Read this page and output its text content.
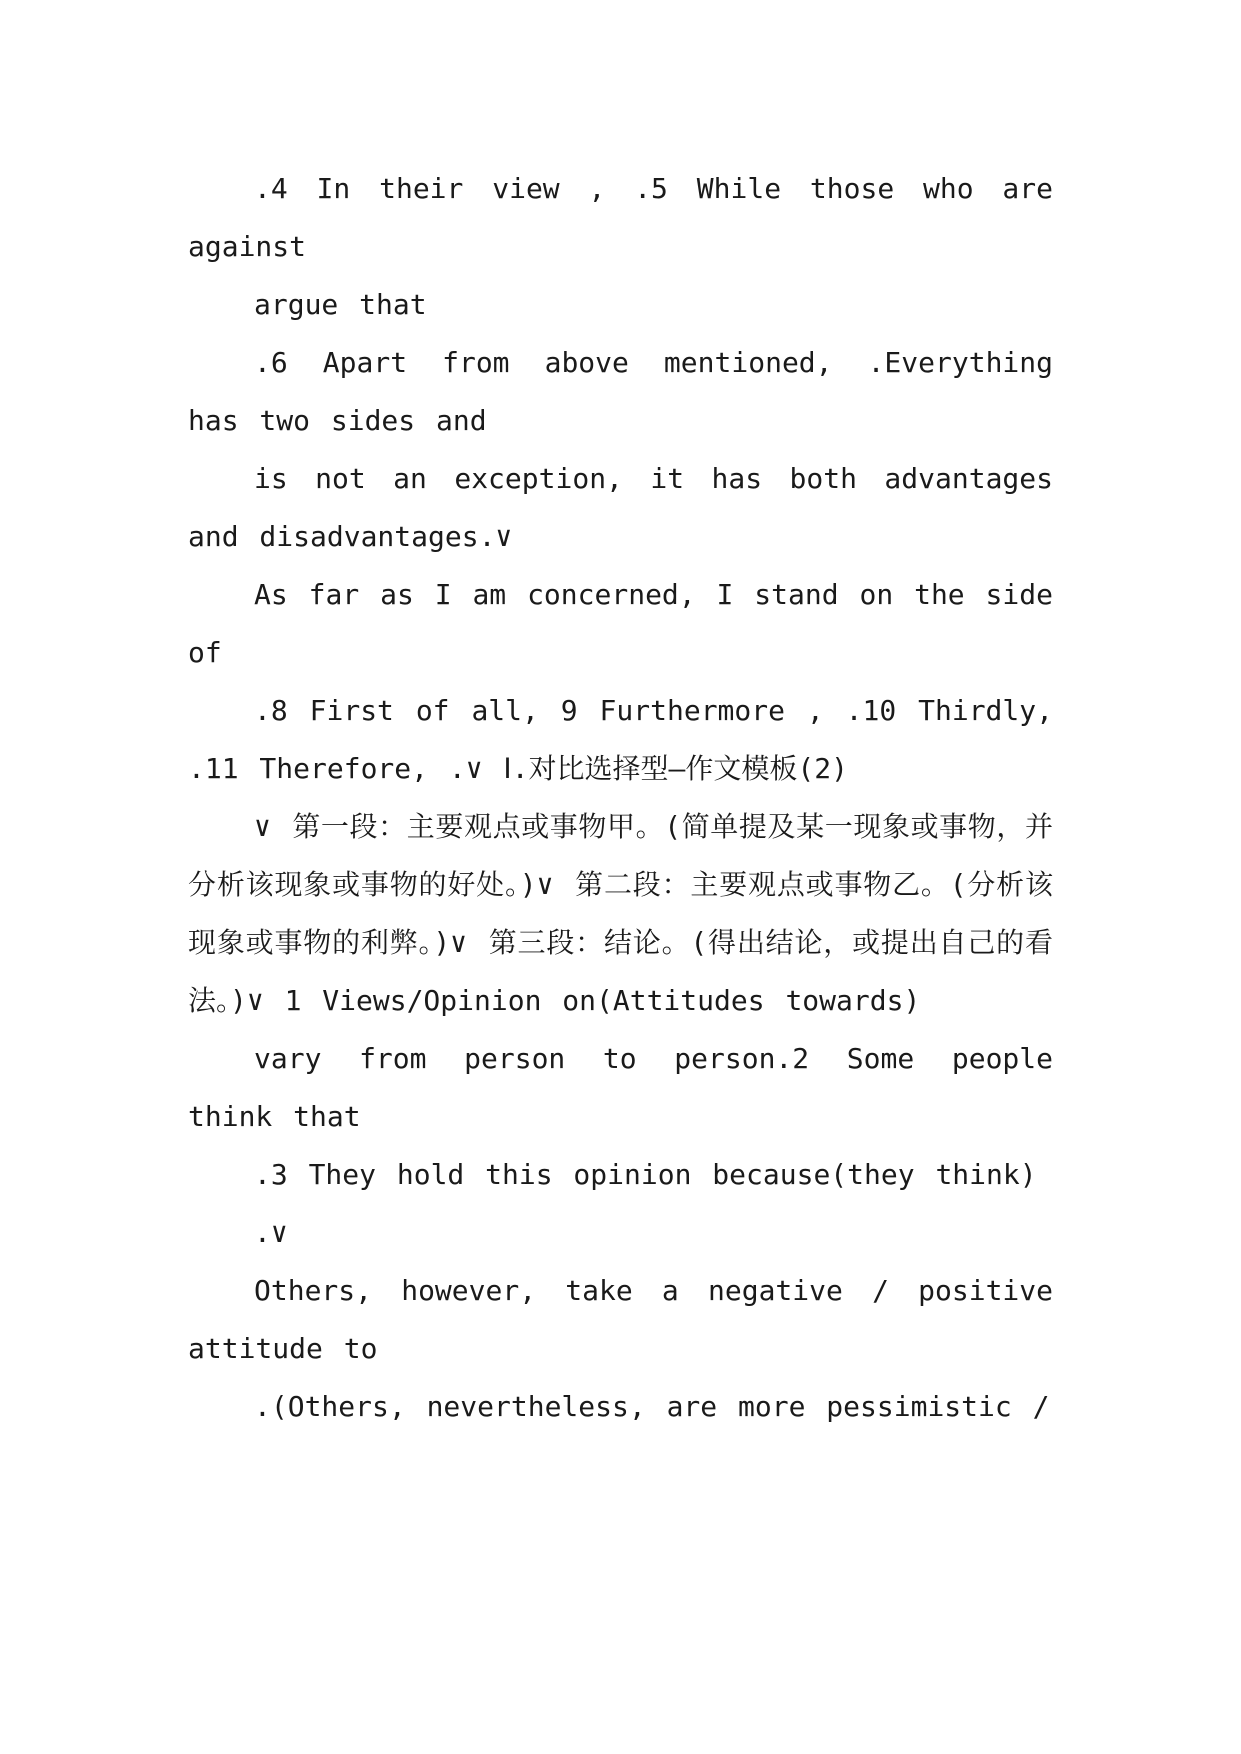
.4 In their view , .5 While those who are against

argue that

.6 Apart from above mentioned, .Everything has two sides and

is not an exception, it has both advantages and disadvantages.∨

As far as I am concerned, I stand on the side of

.8 First of all, 9 Furthermore , .10 Thirdly, .11 Therefore, .∨ Ⅰ.对比选择型—作文模板(2)

∨ 第一段：主要观点或事物甲。(简单提及某一现象或事物，并分析该现象或事物的好处。)∨ 第二段：主要观点或事物乙。(分析该现象或事物的利弊。)∨ 第三段：结论。(得出结论，或提出自己的看法。)∨ 1 Views/Opinion on(Attitudes towards)

vary from person to person.2 Some people think that

.3 They hold this opinion because(they think)

.∨

Others, however, take a negative / positive attitude to

.(Others, nevertheless, are more pessimistic /
